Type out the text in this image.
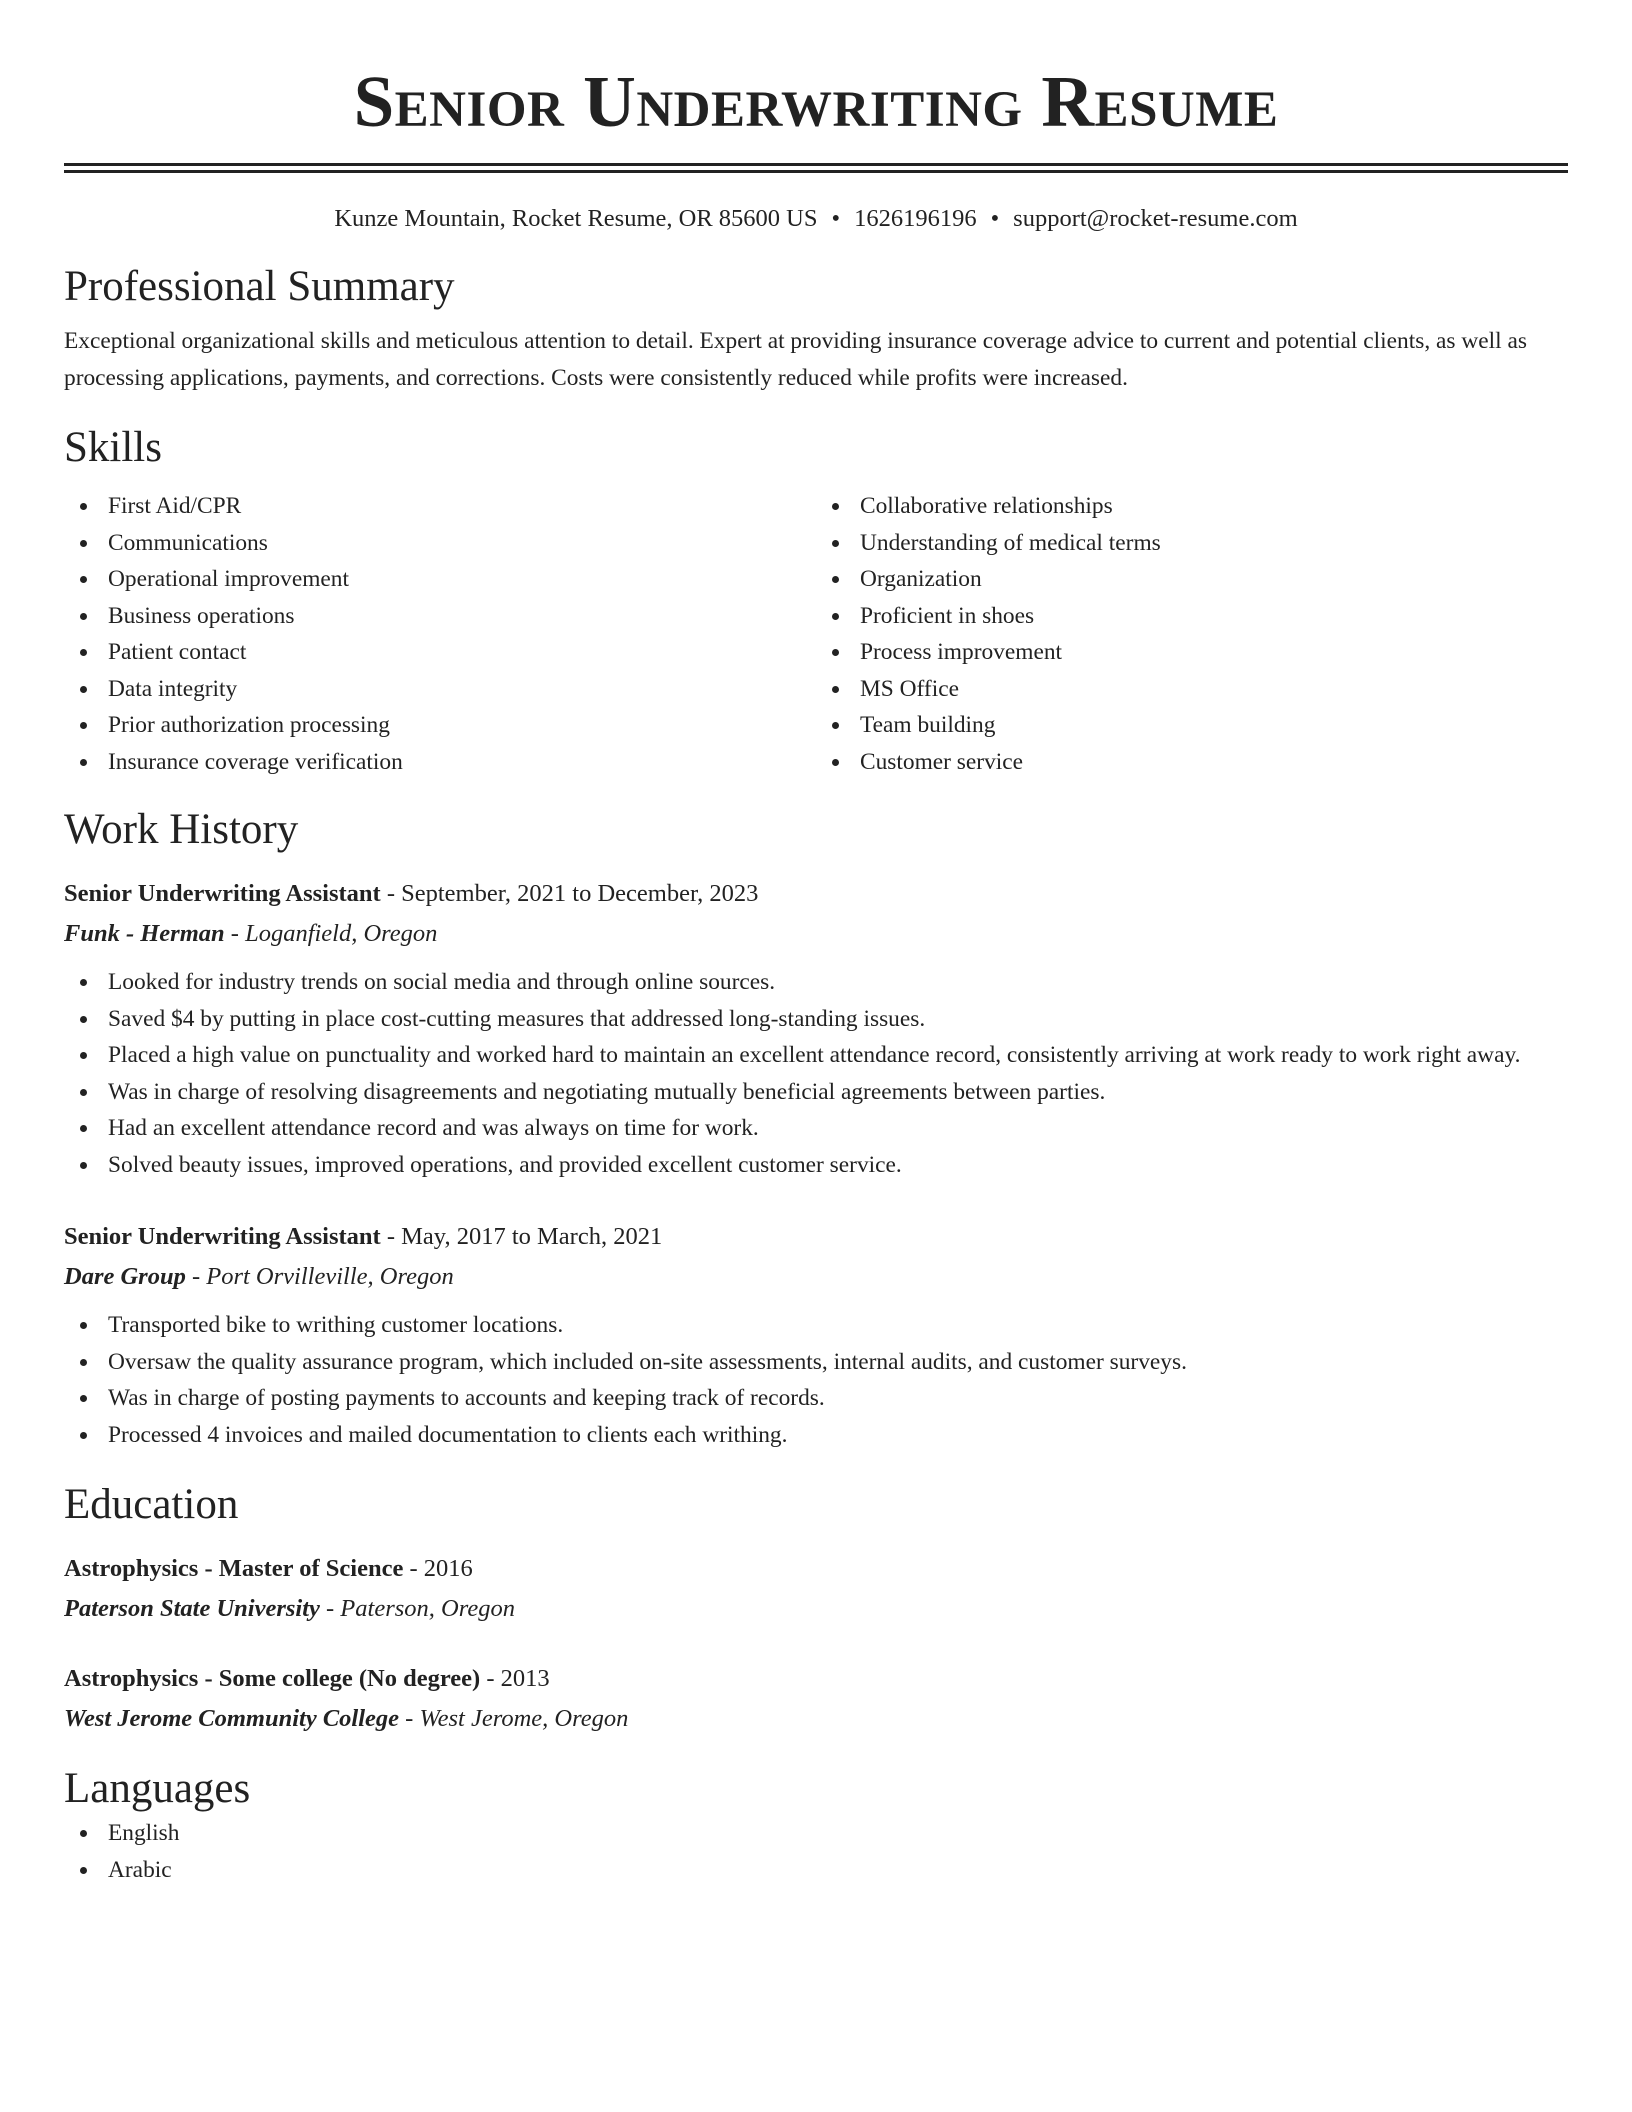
Senior Underwriting Resume
Kunze Mountain, Rocket Resume, OR 85600 US • 1626196196 • support@rocket-resume.com
Professional Summary
Exceptional organizational skills and meticulous attention to detail. Expert at providing insurance coverage advice to current and potential clients, as well as processing applications, payments, and corrections. Costs were consistently reduced while profits were increased.
Skills
First Aid/CPR
Communications
Operational improvement
Business operations
Patient contact
Data integrity
Prior authorization processing
Insurance coverage verification
Collaborative relationships
Understanding of medical terms
Organization
Proficient in shoes
Process improvement
MS Office
Team building
Customer service
Work History
Senior Underwriting Assistant - September, 2021 to December, 2023
Funk - Herman - Loganfield, Oregon
Looked for industry trends on social media and through online sources.
Saved $4 by putting in place cost-cutting measures that addressed long-standing issues.
Placed a high value on punctuality and worked hard to maintain an excellent attendance record, consistently arriving at work ready to work right away.
Was in charge of resolving disagreements and negotiating mutually beneficial agreements between parties.
Had an excellent attendance record and was always on time for work.
Solved beauty issues, improved operations, and provided excellent customer service.
Senior Underwriting Assistant - May, 2017 to March, 2021
Dare Group - Port Orvilleville, Oregon
Transported bike to writhing customer locations.
Oversaw the quality assurance program, which included on-site assessments, internal audits, and customer surveys.
Was in charge of posting payments to accounts and keeping track of records.
Processed 4 invoices and mailed documentation to clients each writhing.
Education
Astrophysics - Master of Science - 2016
Paterson State University - Paterson, Oregon
Astrophysics - Some college (No degree) - 2013
West Jerome Community College - West Jerome, Oregon
Languages
English
Arabic
